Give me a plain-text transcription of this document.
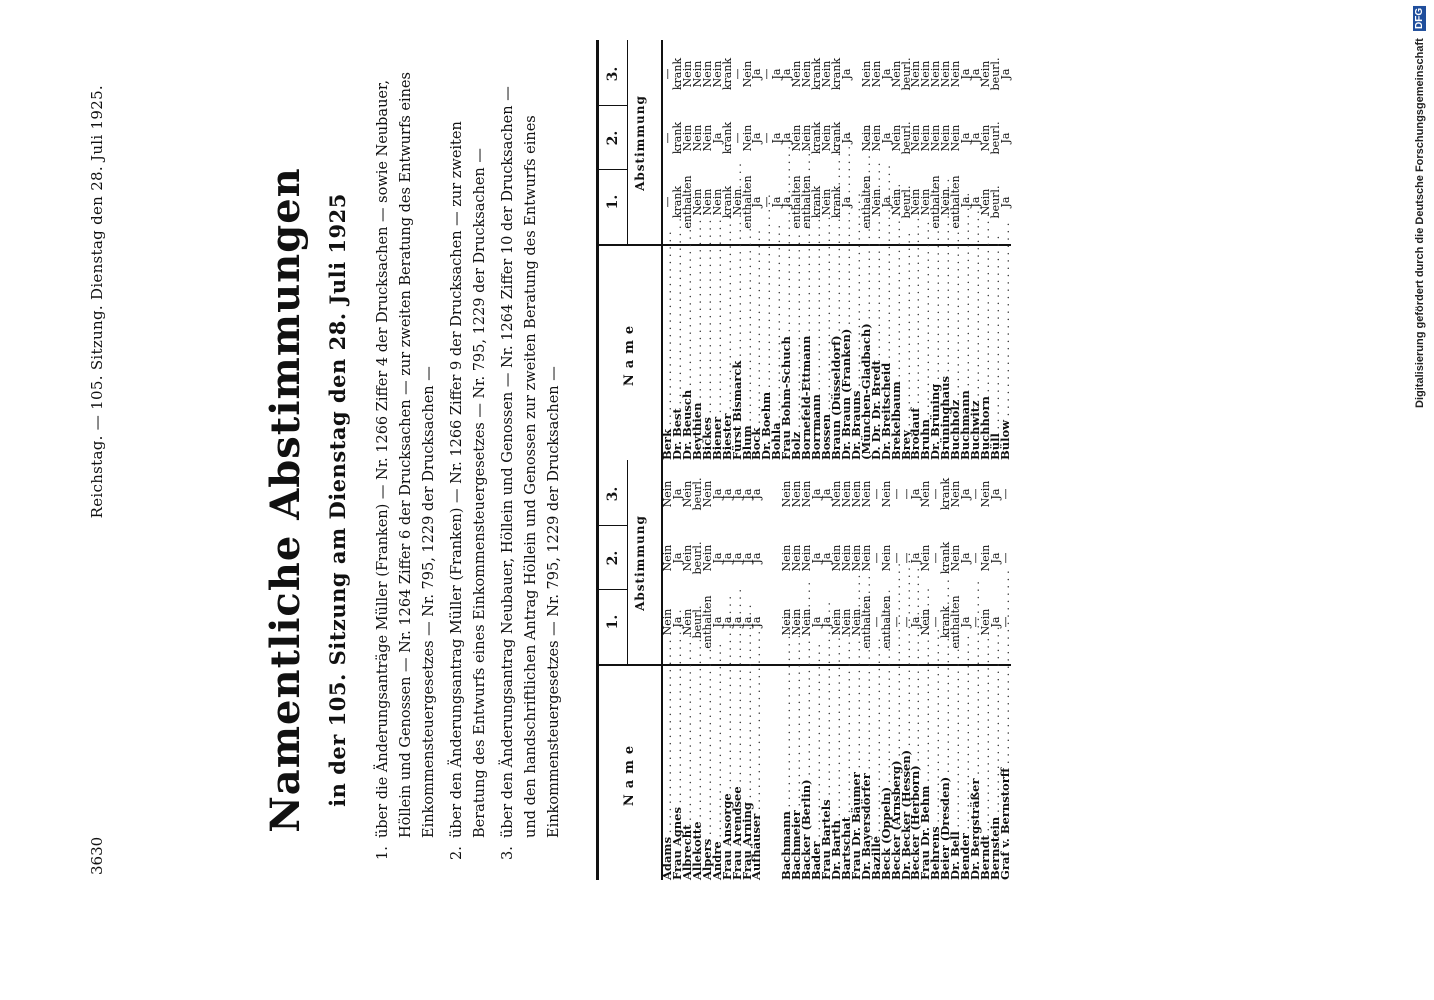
Digitalisierung gefördert durch die Deutsche Forschungsgemeinschaft DFG
3630
Reichstag. — 105. Sitzung. Dienstag den 28. Juli 1925.	Namentliche Abstimmungen in der 105. Sitzung am Dienstag den 28. Juli 1925
1.
über die Änderungsanträge Müller (Franken) — Nr. 1266 Ziffer 4 der Drucksachen — sowie Neubauer, Höllein und Genossen — Nr. 1264 Ziffer 6 der Drucksachen — zur zweiten Beratung des Entwurfs eines Einkommensteuergesetzes — Nr. 795, 1229 der Drucksachen —
2.
über den Änderungsantrag Müller (Franken) — Nr. 1266 Ziffer 9 der Drucksachen — zur zweiten Beratung des Entwurfs eines Einkommensteuergesetzes — Nr. 795, 1229 der Drucksachen —
3.
über den Änderungsantrag Neubauer, Höllein und Genossen — Nr. 1264 Ziffer 10 der Drucksachen — und den handschriftlichen Antrag Höllein und Genossen zur zweiten Beratung des Entwurfs eines Einkommensteuergesetzes — Nr. 795, 1229 der Drucksachen —	Name
1.
2.
3.
Abstimmung
Adams . . .
Nein
Nein
Nein
Frau Agnes . . .
Ja
Ja
Ja
Albrecht . . .
Nein
Nein
Nein
Allekotte . . .
beurl.
beurl.
beurl.
Alpers . . .
enthalten
Nein
Nein
Andre . . .
Ja
Ja
Ja
Frau Ansorge . . .
Ja
Ja
Ja
Frau Arendsee . . .
Ja
Ja
Ja
Frau Arning . . .
Ja
Ja
Ja
Aufhäuser . . .
Ja
Ja
Ja
Bachmann . . .
Nein
Nein
Nein
Bachmeier . . .
Nein
Nein
Nein
Backer (Berlin) . . .
Nein
Nein
Nein
Bader . . .
Ja
Ja
Ja
Frau Bartels . . .
Ja
Ja
Ja
Dr. Barth . . .
Nein
Nein
Nein
Bartschat . . .
Nein
Nein
Nein
Frau Dr. Bäumer . . .
Nein
Nein
Nein
Dr. Bayersdörfer . . .
enthalten
Nein
Nein
Bazille . . .
—
—
—
Beck (Oppeln) . . .
enthalten
Nein
Nein
Becker (Arnsberg) . . .
—
—
—
Dr. Becker (Hessen) . . .
—
—
—
Becker (Herborn) . . .
Ja
Ja
Ja
Frau Dr. Behm . . .
Nein
Nein
Nein
Behrens . . .
—
—
—
Beier (Dresden) . . .
krank
krank
krank
Dr. Bell . . .
enthalten
Nein
Nein
Bender . . .
Ja
Ja
Ja
Dr. Bergsträßer . . .
—
—
—
Berndt . . .
Nein
Nein
Nein
Bernstein . . .
Ja
Ja
Ja
Graf v. Bernstorff . . .
—
—
—
Name
1.
2.
3.
Abstimmung
Berk . . .
—
—
—
Dr. Best . . .
krank
krank
krank
Dr. Beusch . . .
enthalten
Nein
Nein
Beythien . . .
Nein
Nein
Nein
Bickes . . .
Nein
Nein
Nein
Biener . . .
Nein
Ja
Nein
Biester . . .
krank
krank
krank
Fürst Bismarck . . .
Nein
—
—
Blum . . .
enthalten
Nein
Nein
Bock . . .
Ja
Ja
Ja
Dr. Boehm . . .
—
—
—
Bohla . . .
Ja
Ja
Ja
Frau Bohm-Schuch . . .
Ja
Ja
Ja
Bolz . . .
enthalten
Nein
Nein
Bornefeld-Ettmann . . .
enthalten
Nein
Nein
Borrmann . . .
krank
krank
krank
Bossen . . .
Nein
Nein
Nein
Braun (Düsseldorf) . . .
krank
krank
krank
Dr. Braun (Franken) . . .
Ja
Ja
Ja
Dr. Brauns . . .
(München-Gladbach) . . .
enthalten
Nein
Nein
D. Dr. Dr. Bredt . . .
Nein
Nein
Nein
Dr. Breitscheid . . .
Ja
Ja
Ja
Brekelbaum . . .
Nein
Nein
Nein
Brey . . .
beurl.
beurl.
beurl.
Brodauf . . .
Nein
Nein
Nein
Bruhn . . .
Nein
Nein
Nein
Dr. Brüning . . .
enthalten
Nein
Nein
Brüninghaus . . .
Nein
Nein
Nein
Buchholz . . .
enthalten
Nein
Nein
Buchmann . . .
Ja
Ja
Ja
Buchwitz . . .
Ja
Ja
Ja
Buchhorn . . .
Nein
Nein
Nein
Büll . . .
beurl.
beurl.
beurl.
Bülow . . .
Ja
Ja
Ja
